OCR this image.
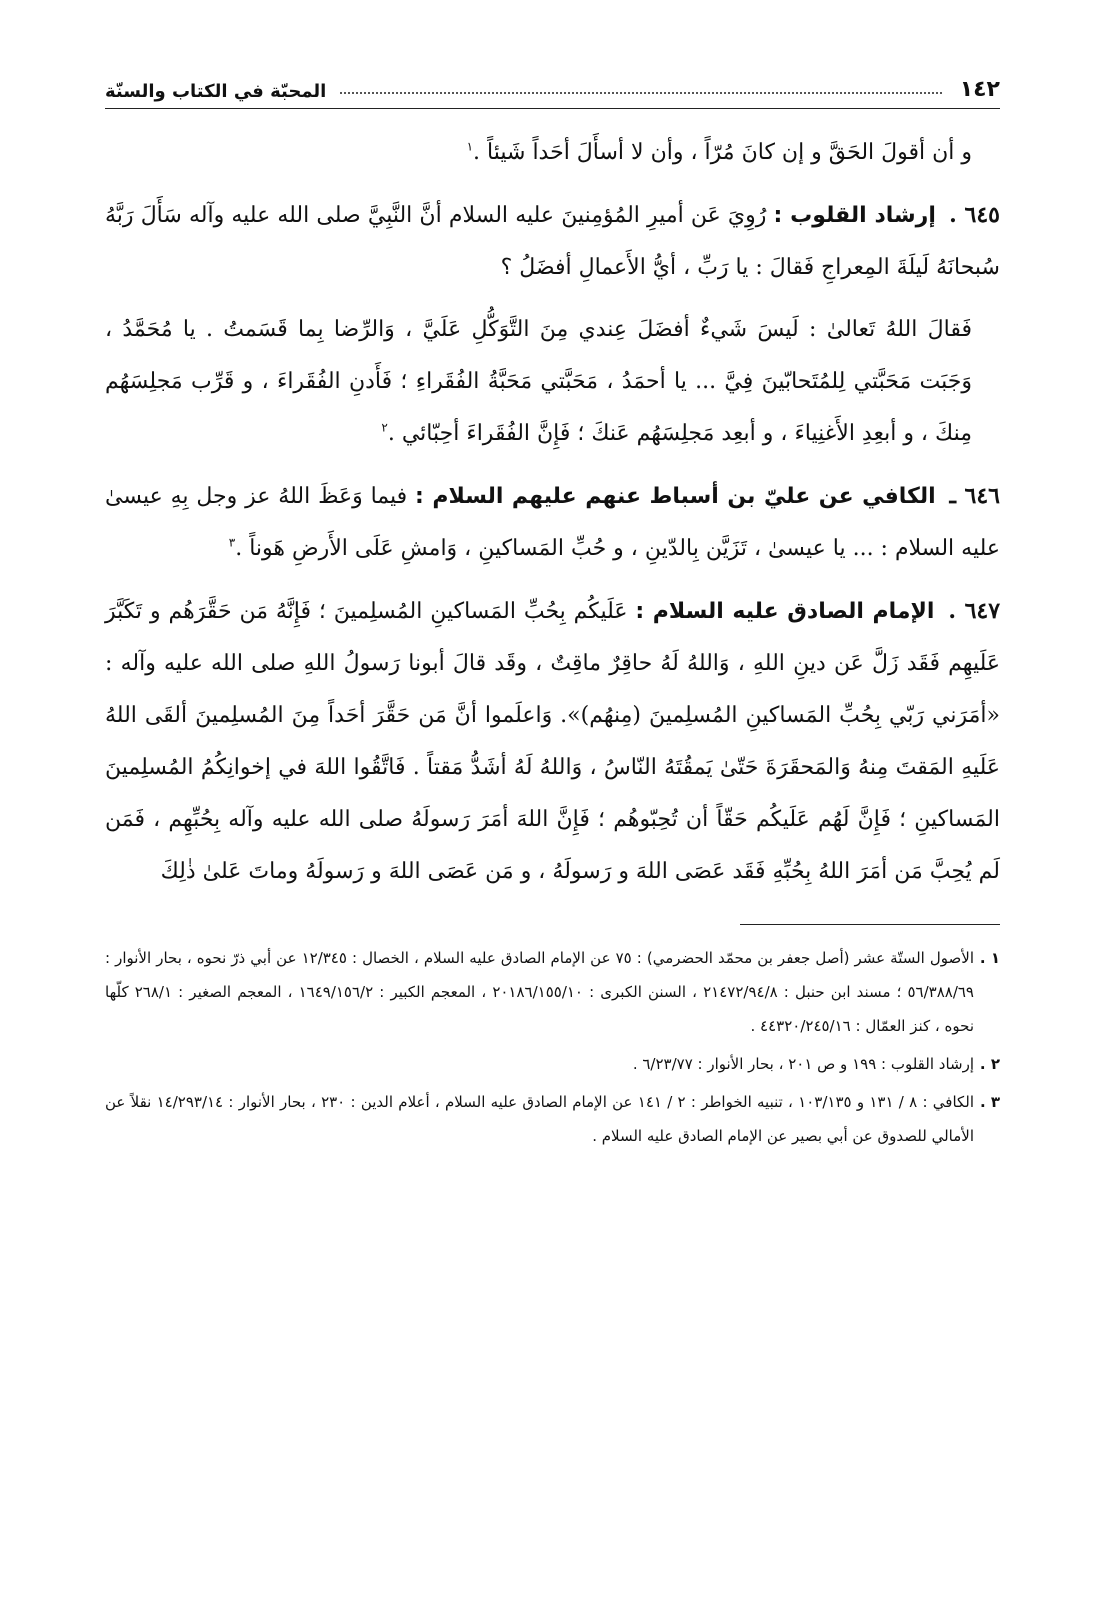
١٤٢
المحبّة في الكتاب والسنّة

و أن أقولَ الحَقَّ و إن كانَ مُرّاً ، وأن لا أسأَلَ أحَداً شَيئاً .$^١$

٦٤٥ . إرشاد القلوب : رُوِيَ عَن أميرِ المُؤمِنينَ عليه السلام أنَّ النَّبِيَّ صلى الله عليه وآله سَأَلَ رَبَّهُ سُبحانَهُ لَيلَةَ المِعراجِ فَقالَ : يا رَبِّ ، أيُّ الأَعمالِ أفضَلُ ؟

فَقالَ اللهُ تَعالىٰ : لَيسَ شَيءٌ أفضَلَ عِندي مِنَ التَّوَكُّلِ عَلَيَّ ، وَالرِّضا بِما قَسَمتُ . يا مُحَمَّدُ ، وَجَبَت مَحَبَّتي لِلمُتَحابّينَ فِيَّ ... يا أحمَدُ ، مَحَبَّتي مَحَبَّةُ الفُقَراءِ ؛ فَأَدنِ الفُقَراءَ ، و قَرِّب مَجلِسَهُم مِنكَ ، و أبعِدِ الأَغنِياءَ ، و أبعِد مَجلِسَهُم عَنكَ ؛ فَإِنَّ الفُقَراءَ أحِبّائي .$^٢$

٦٤٦ ـ الكافي عن عليّ بن أسباط عنهم عليهم السلام : فيما وَعَظَ اللهُ عز وجل بِهِ عيسىٰ عليه السلام : ... يا عيسىٰ ، تَزَيَّن بِالدّينِ ، و حُبِّ المَساكينِ ، وَامشِ عَلَى الأَرضِ هَوناً .$^٣$

٦٤٧ . الإمام الصادق عليه السلام : عَلَيكُم بِحُبِّ المَساكينِ المُسلِمينَ ؛ فَإِنَّهُ مَن حَقَّرَهُم و تَكَبَّرَ عَلَيهِم فَقَد زَلَّ عَن دينِ اللهِ ، وَاللهُ لَهُ حاقِرٌ ماقِتٌ ، وقَد قالَ أبونا رَسولُ اللهِ صلى الله عليه وآله : «أمَرَني رَبّي بِحُبِّ المَساكينِ المُسلِمينَ (مِنهُم)». وَاعلَموا أنَّ مَن حَقَّرَ أحَداً مِنَ المُسلِمينَ ألقَى اللهُ عَلَيهِ المَقتَ مِنهُ وَالمَحقَرَةَ حَتّىٰ يَمقُتَهُ النّاسُ ، وَاللهُ لَهُ أشَدُّ مَقتاً . فَاتَّقُوا اللهَ في إخوانِكُمُ المُسلِمينَ المَساكينِ ؛ فَإِنَّ لَهُم عَلَيكُم حَقّاً أن تُحِبّوهُم ؛ فَإِنَّ اللهَ أمَرَ رَسولَهُ صلى الله عليه وآله بِحُبِّهِم ، فَمَن لَم يُحِبَّ مَن أمَرَ اللهُ بِحُبِّهِ فَقَد عَصَى اللهَ و رَسولَهُ ، و مَن عَصَى اللهَ و رَسولَهُ وماتَ عَلىٰ ذٰلِكَ

١ .الأصول الستّة عشر (أصل جعفر بن محمّد الحضرمي) : ٧٥ عن الإمام الصادق عليه السلام ، الخصال : ١٢/٣٤٥ عن أبي ذرّ نحوه ، بحار الأنوار : ٥٦/٣٨٨/٦٩ ؛ مسند ابن حنبل : ٢١٤٧٢/٩٤/٨ ، السنن الكبرى : ٢٠١٨٦/١٥٥/١٠ ، المعجم الكبير : ١٦٤٩/١٥٦/٢ ، المعجم الصغير : ٢٦٨/١ كلّها نحوه ، كنز العمّال : ٤٤٣٢٠/٢٤٥/١٦ .

٢ .إرشاد القلوب : ١٩٩ و ص ٢٠١ ، بحار الأنوار : ٦/٢٣/٧٧ .

٣ .الكافي : ٨ / ١٣١ و ١٠٣/١٣٥ ، تنبيه الخواطر : ٢ / ١٤١ عن الإمام الصادق عليه السلام ، أعلام الدين : ٢٣٠ ، بحار الأنوار : ١٤/٢٩٣/١٤ نقلاً عن الأمالي للصدوق عن أبي بصير عن الإمام الصادق عليه السلام .
